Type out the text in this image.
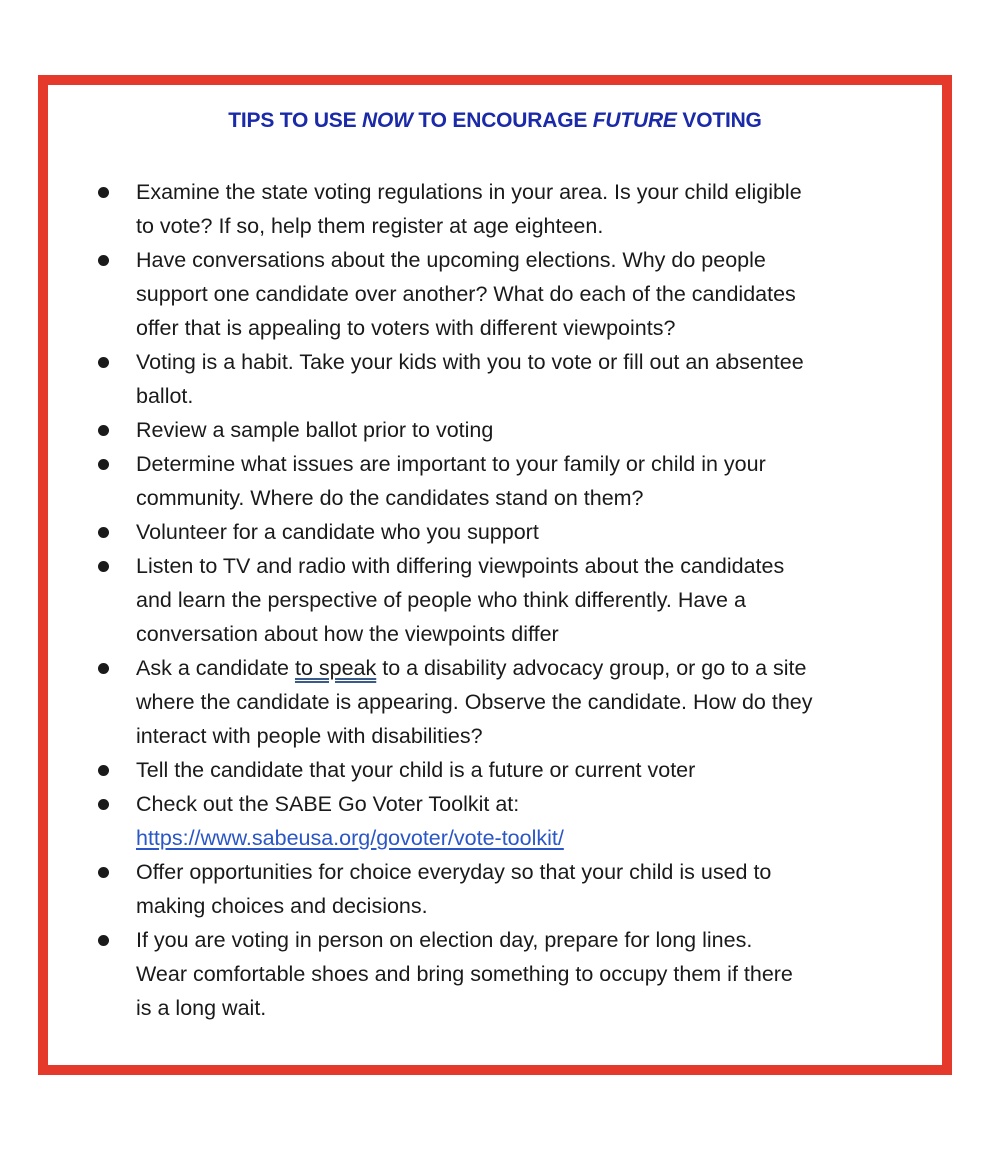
TIPS TO USE NOW TO ENCOURAGE FUTURE VOTING
Examine the state voting regulations in your area. Is your child eligible
to vote? If so, help them register at age eighteen.
Have conversations about the upcoming elections. Why do people
support one candidate over another? What do each of the candidates
offer that is appealing to voters with different viewpoints?
Voting is a habit. Take your kids with you to vote or fill out an absentee
ballot.
Review a sample ballot prior to voting
Determine what issues are important to your family or child in your
community. Where do the candidates stand on them?
Volunteer for a candidate who you support
Listen to TV and radio with differing viewpoints about the candidates
and learn the perspective of people who think differently. Have a
conversation about how the viewpoints differ
Ask a candidate to speak to a disability advocacy group, or go to a site
where the candidate is appearing. Observe the candidate. How do they
interact with people with disabilities?
Tell the candidate that your child is a future or current voter
Check out the SABE Go Voter Toolkit at:
https://www.sabeusa.org/govoter/vote-toolkit/
Offer opportunities for choice everyday so that your child is used to
making choices and decisions.
If you are voting in person on election day, prepare for long lines.
Wear comfortable shoes and bring something to occupy them if there
is a long wait.
